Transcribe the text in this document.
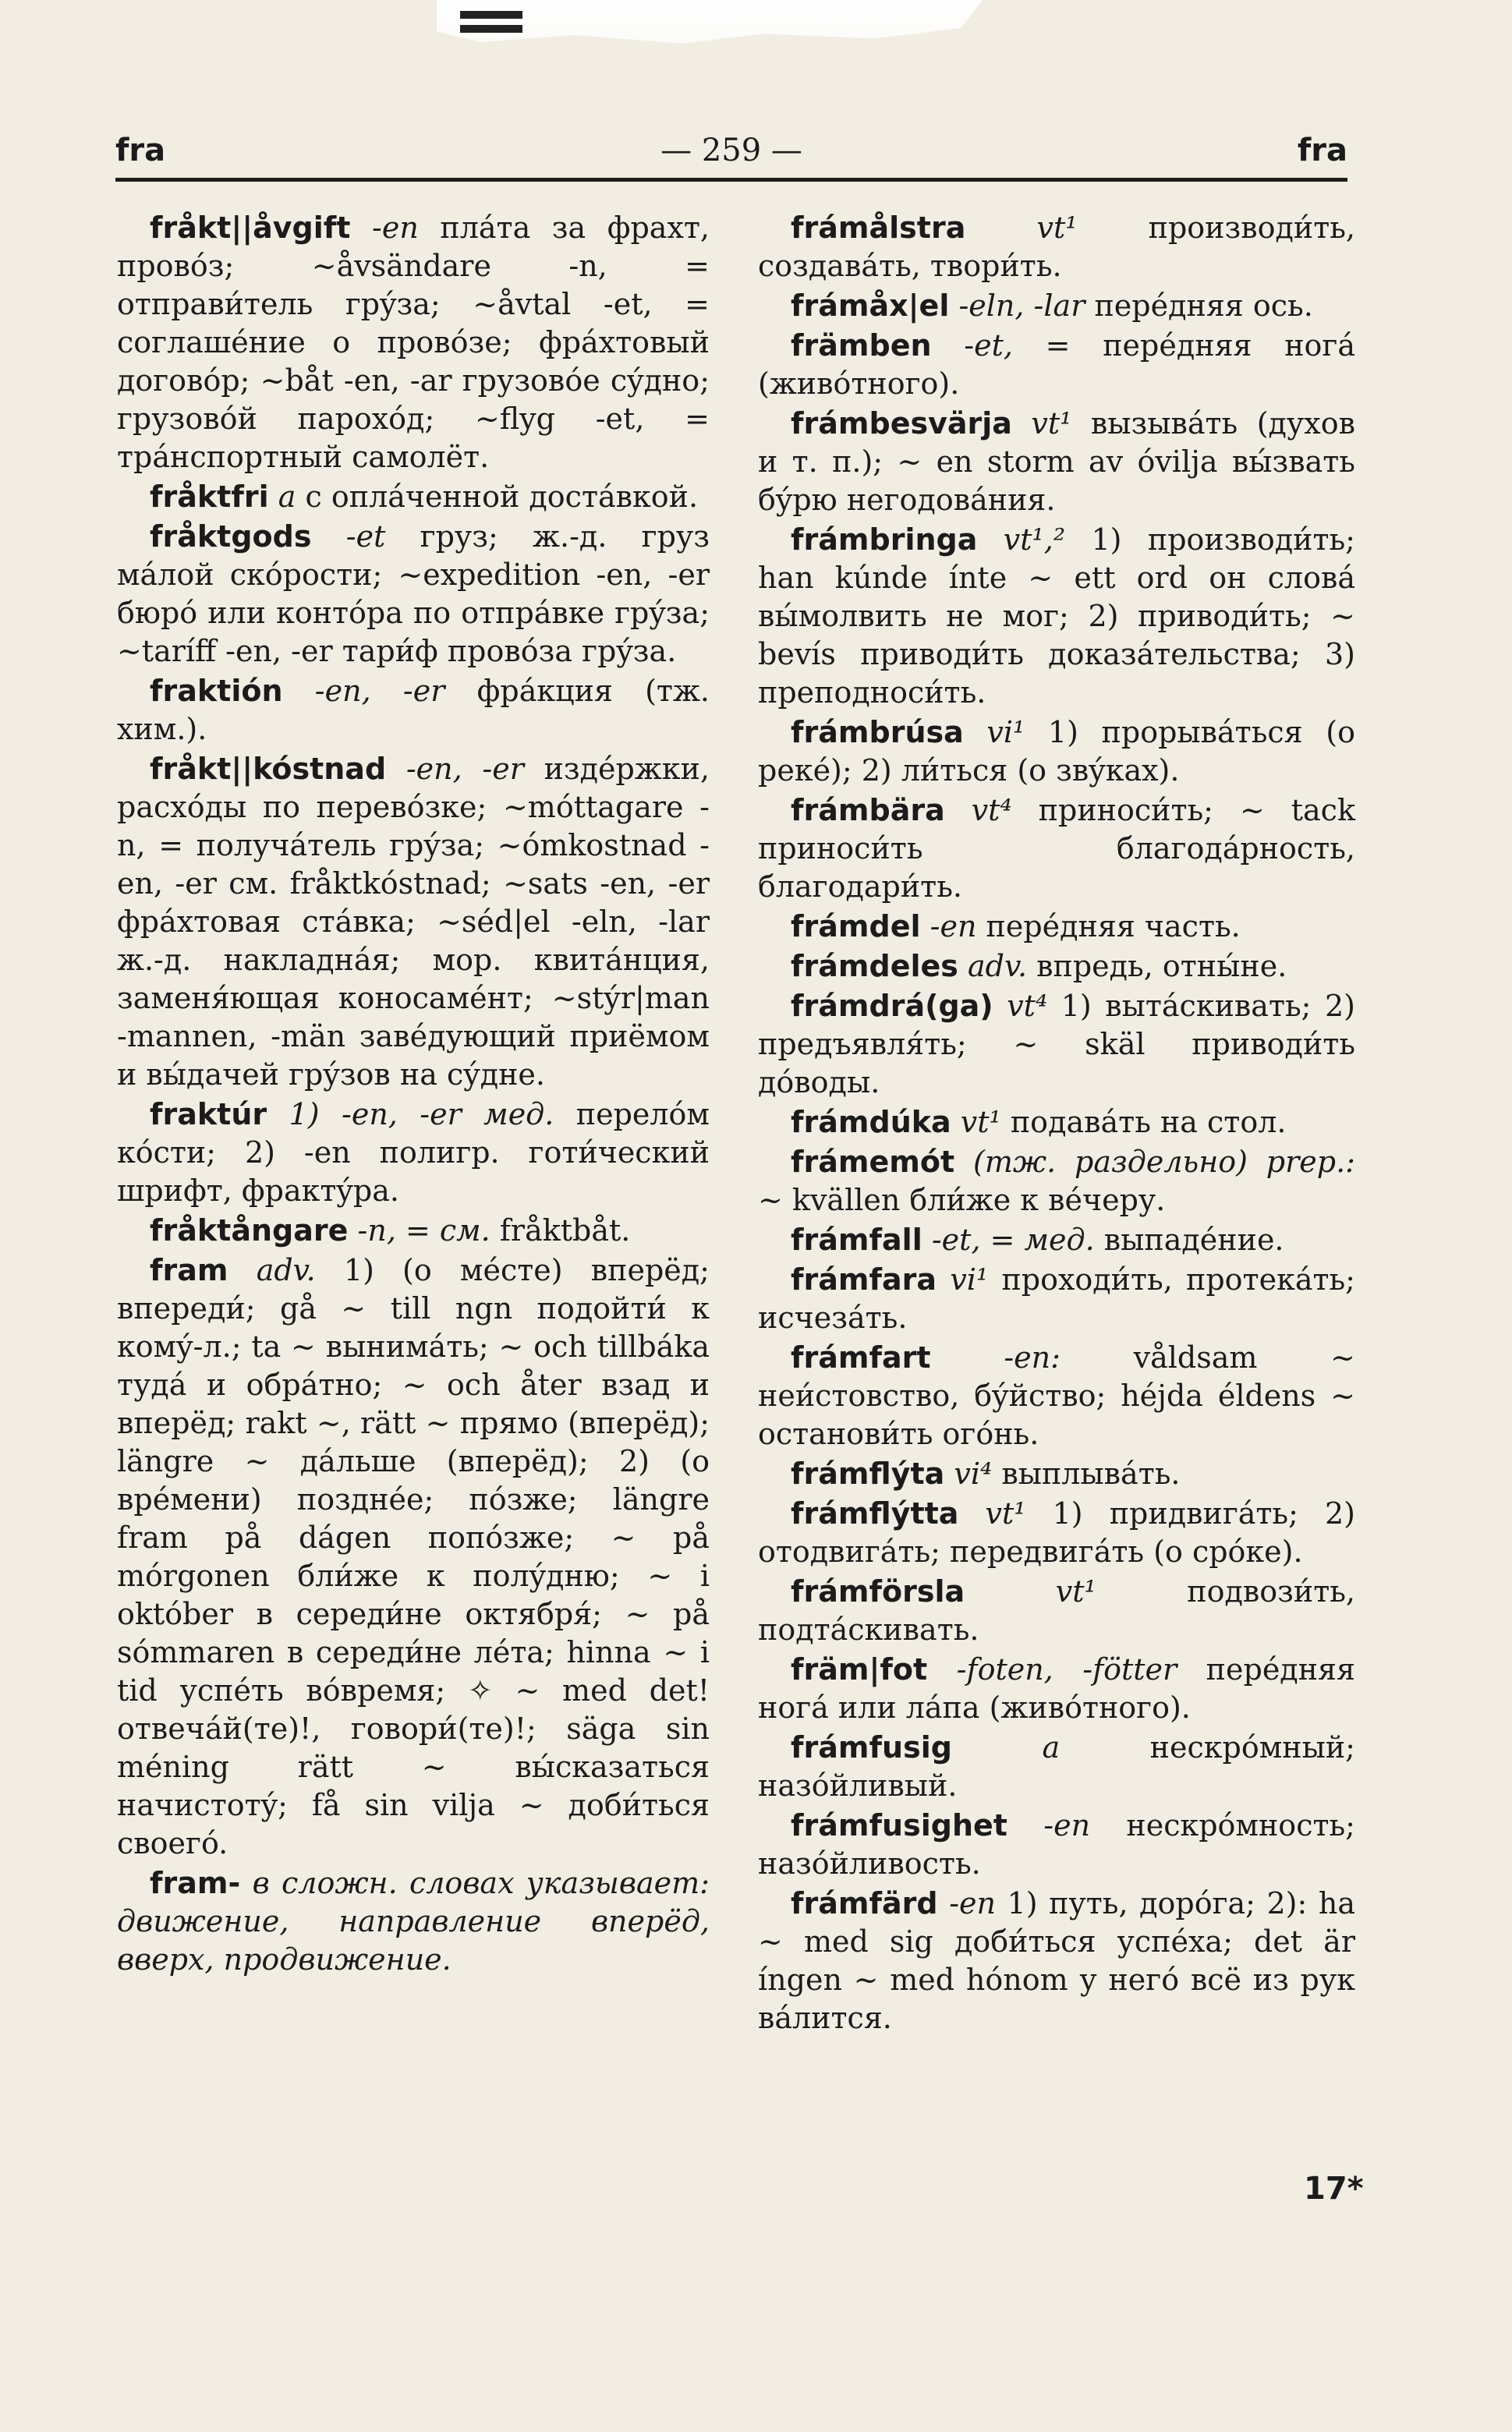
fra	— 259 —	fra

fråkt||åvgift -en плáта за фрахт, провóз; ~åvsändare -n, = отправи́тель грýза; ~åvtal -et, = соглашéние о провóзе; фрáхтовый договóр; ~båt -en, -ar грузовóе сýдно; грузовóй парохóд; ~flyg -et, = трáнспортный самолёт.

fråktfri a с оплáченной достáвкой.

fråktgods -et груз; ж.-д. груз мáлой скóрости; ~expedition -en, -er бюрó или контóра по отпрáвке грýза; ~taríff -en, -er тари́ф провóза грýза.

fraktión -en, -er фрáкция (тж. хим.).

fråkt||kóstnad -en, -er издéржки, расхóды по перевóзке; ~móttagare -n, = получáтель грýза; ~ómkostnad -en, -er см. fråktkóstnad; ~sats -en, -er фрáхтовая стáвка; ~séd|el -eln, -lar ж.-д. накладнáя; мор. квитáнция, заменя́ющая коносамéнт; ~stýr|man -mannen, -män завéдующий приёмом и вы́дачей грýзов на сýдне.

fraktúr 1) -en, -er мед. перелóм кóсти; 2) -en полигр. готи́ческий шрифт, фрактýра.

fråktångare -n, = см. fråktbåt.

fram adv. 1) (о мéсте) вперёд; впереди́; gå ~ till ngn подойти́ к комý-л.; ta ~ вынимáть; ~ och tillbáka тудá и обрáтно; ~ och åter взад и вперёд; rakt ~, rätt ~ прямо (вперёд); längre ~ дáльше (вперёд); 2) (о врéмени) позднéе; пóзже; längre fram på dágen попóзже; ~ på mórgonen бли́же к полýдню; ~ i október в середи́не октября́; ~ på sómmaren в середи́не лéта; hinna ~ i tid успéть вóвремя; ✧ ~ med det! отвечáй(те)!, говори́(те)!; säga sin méning rätt ~ вы́сказаться начистотý; få sin vilja ~ доби́ться своегó.

fram- в сложн. словах указывает: движение, направление вперёд, вверх, продвижение.

frámålstra vt¹ производи́ть, создавáть, твори́ть.

frámåx|el -eln, -lar перéдняя ось.

främben -et, = перéдняя ногá (живóтного).

frámbesvärja vt¹ вызывáть (духов и т. п.); ~ en storm av óvilja вы́звать бýрю негодовáния.

frámbringa vt¹,² 1) производи́ть; han kúnde ínte ~ ett ord он словá вы́молвить не мог; 2) приводи́ть; ~ bevís приводи́ть доказáтельства; 3) преподноси́ть.

frámbrúsa vi¹ 1) прорывáться (о рекé); 2) ли́ться (о звýках).

frámbära vt⁴ приноси́ть; ~ tack приноси́ть благодáрность, благодари́ть.

frámdel -en перéдняя часть.

frámdeles adv. впредь, отны́не.

frámdrá(ga) vt⁴ 1) вытáскивать; 2) предъявля́ть; ~ skäl приводи́ть дóводы.

frámdúka vt¹ подавáть на стол.

frámemót (тж. раздельно) prep.: ~ kvällen бли́же к вéчеру.

frámfall -et, = мед. выпадéние.

frámfara vi¹ проходи́ть, протекáть; исчезáть.

frámfart -en: våldsam ~ неи́стовство, бýйство; héjda éldens ~ останови́ть огóнь.

frámflýta vi⁴ выплывáть.

frámflýtta vt¹ 1) придвигáть; 2) отодвигáть; передвигáть (о срóке).

frámförsla	vt¹	подвози́ть, подтáскивать.

främ|fot -foten, -fötter перéдняя ногá или лáпа (живóтного).

frámfusig	a	нескрóмный; назóйливый.

frámfusighet -en нескрóмность; назóйливость.

frámfärd -en 1) путь, дорóга; 2): ha ~ med sig доби́ться успéха; det är íngen ~ med hónom у негó всё из рук вáлится.

17*
